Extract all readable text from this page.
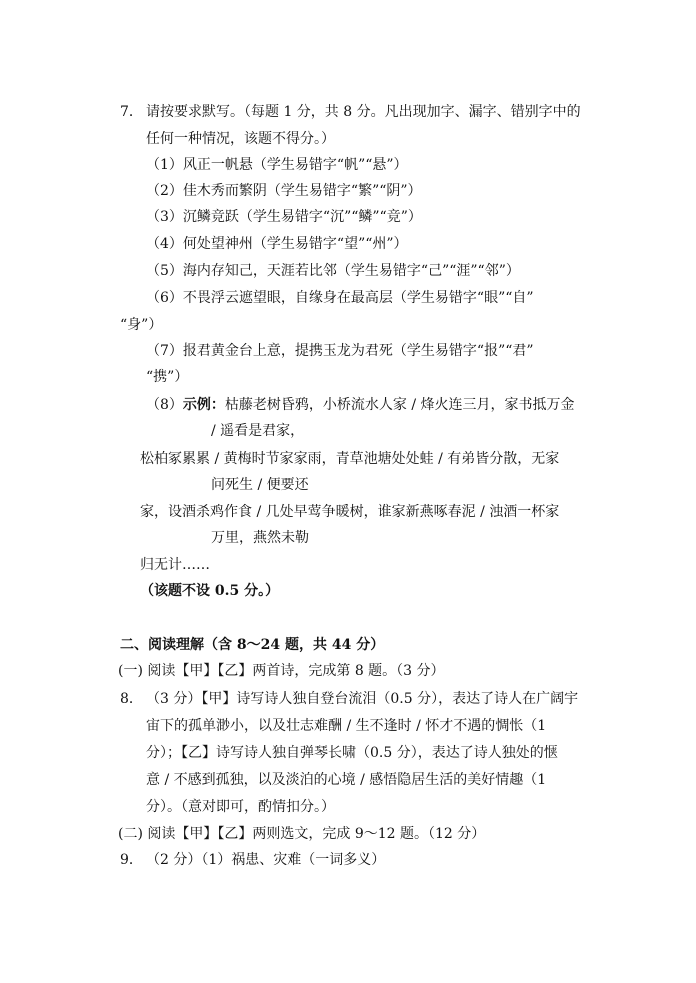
7． 请按要求默写。（每题 1 分，共 8 分。凡出现加字、漏字、错别字中的
任何一种情况，该题不得分。）
（1）风正一帆悬（学生易错字“帆”“悬”）
（2）佳木秀而繁阴（学生易错字“繁”“阴”）
（3）沉鳞竞跃（学生易错字“沉”“鳞”“竞”）
（4）何处望神州（学生易错字“望”“州”）
（5）海内存知己，天涯若比邻（学生易错字“己”“涯”“邻”）
（6）不畏浮云遮望眼，自缘身在最高层（学生易错字“眼”“自”
“身”）
（7）报君黄金台上意，提携玉龙为君死（学生易错字“报”“君”
“携”）
（8）示例：枯藤老树昏鸦，小桥流水人家 / 烽火连三月，家书抵万金
/ 遥看是君家，
松柏冢累累 / 黄梅时节家家雨，青草池塘处处蛙 / 有弟皆分散，无家
问死生 / 便要还
家，设酒杀鸡作食 / 几处早莺争暖树，谁家新燕啄春泥 / 浊酒一杯家
万里，燕然未勒
归无计……
（该题不设 0.5 分。）
二、阅读理解（含 8～24 题，共 44 分）
(一) 阅读【甲】【乙】两首诗，完成第 8 题。（3 分）
8． （3 分）【甲】诗写诗人独自登台流泪（0.5 分），表达了诗人在广阔宇
宙下的孤单渺小，以及壮志难酬 / 生不逢时 / 怀才不遇的惆怅（1
分）；【乙】诗写诗人独自弹琴长啸（0.5 分），表达了诗人独处的惬
意 / 不感到孤独，以及淡泊的心境 / 感悟隐居生活的美好情趣（1
分）。（意对即可，酌情扣分。）
(二) 阅读【甲】【乙】两则选文，完成 9～12 题。（12 分）
9． （2 分）（1）祸患、灾难（一词多义）
